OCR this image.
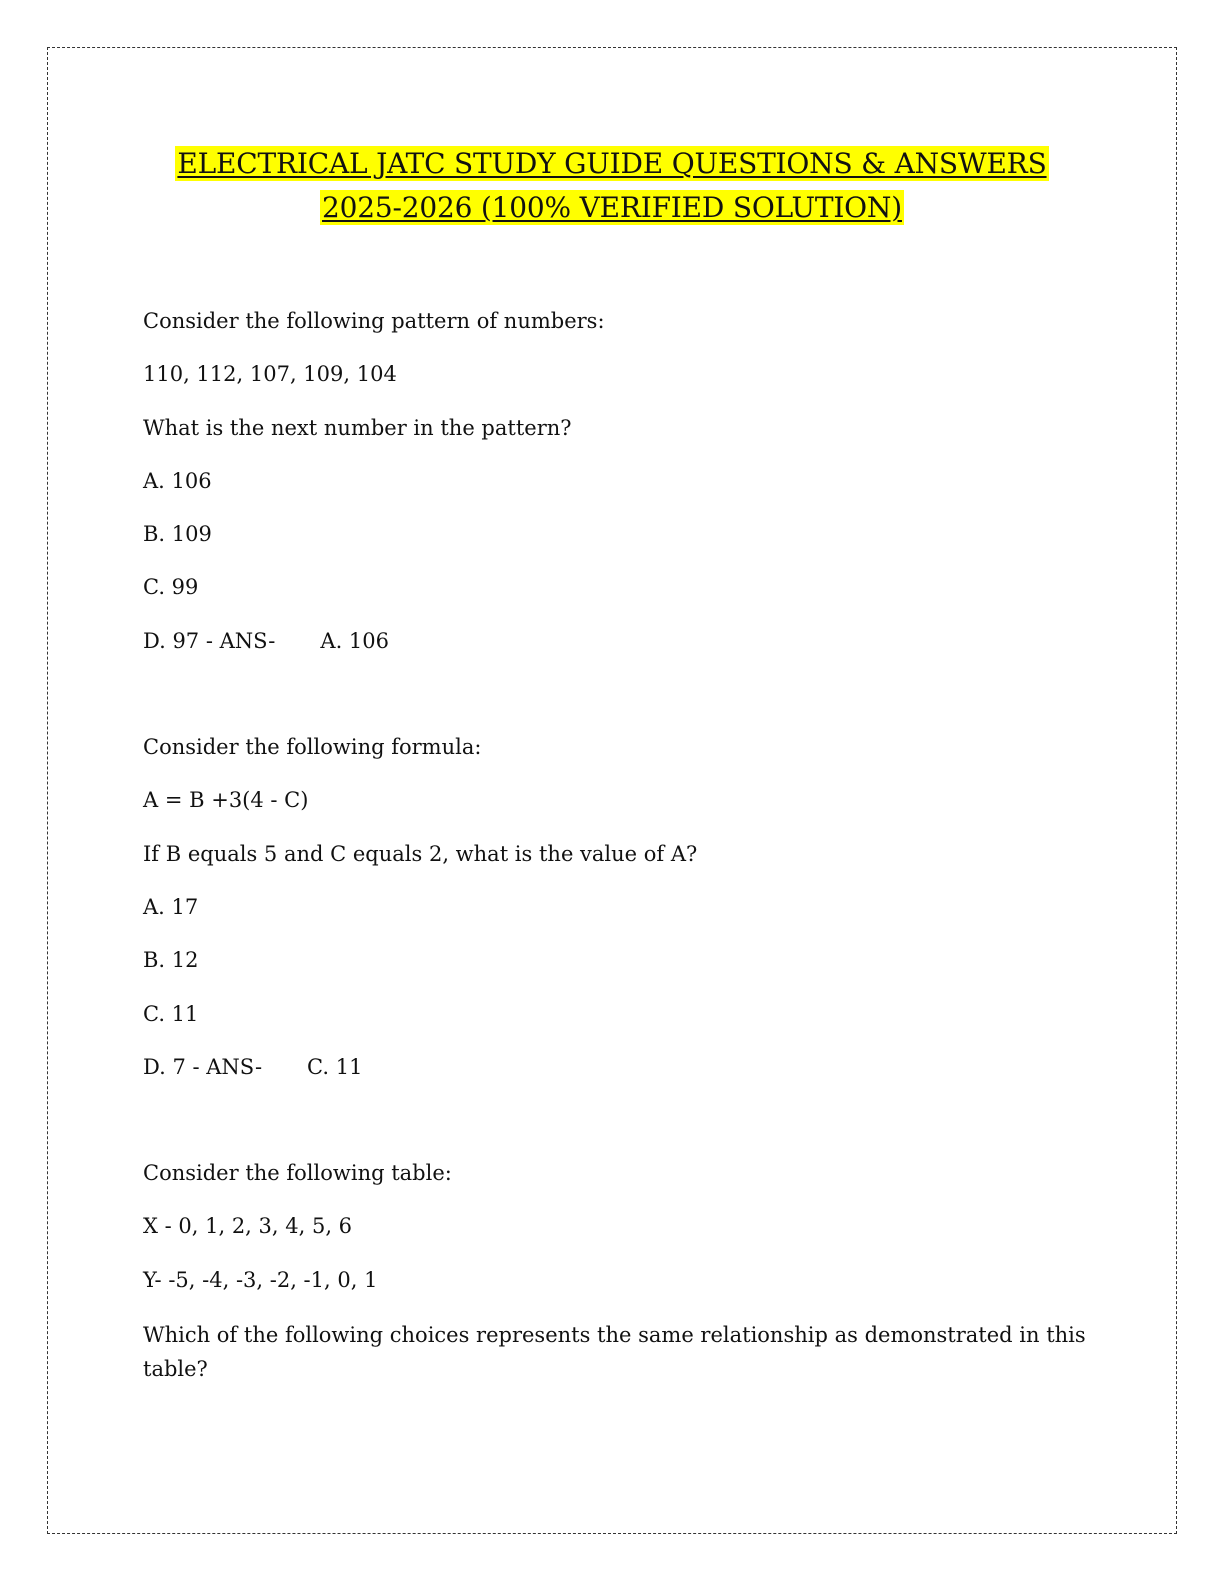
ELECTRICAL JATC STUDY GUIDE QUESTIONS & ANSWERS
2025-2026 (100% VERIFIED SOLUTION)

Consider the following pattern of numbers:

110, 112, 107, 109, 104

What is the next number in the pattern?

A. 106

B. 109

C. 99

D. 97 - ANS- A. 106

Consider the following formula:

A = B +3(4 - C)

If B equals 5 and C equals 2, what is the value of A?

A. 17

B. 12

C. 11

D. 7 - ANS- C. 11

Consider the following table:

X - 0, 1, 2, 3, 4, 5, 6

Y- -5, -4, -3, -2, -1, 0, 1

Which of the following choices represents the same relationship as demonstrated in this table?
